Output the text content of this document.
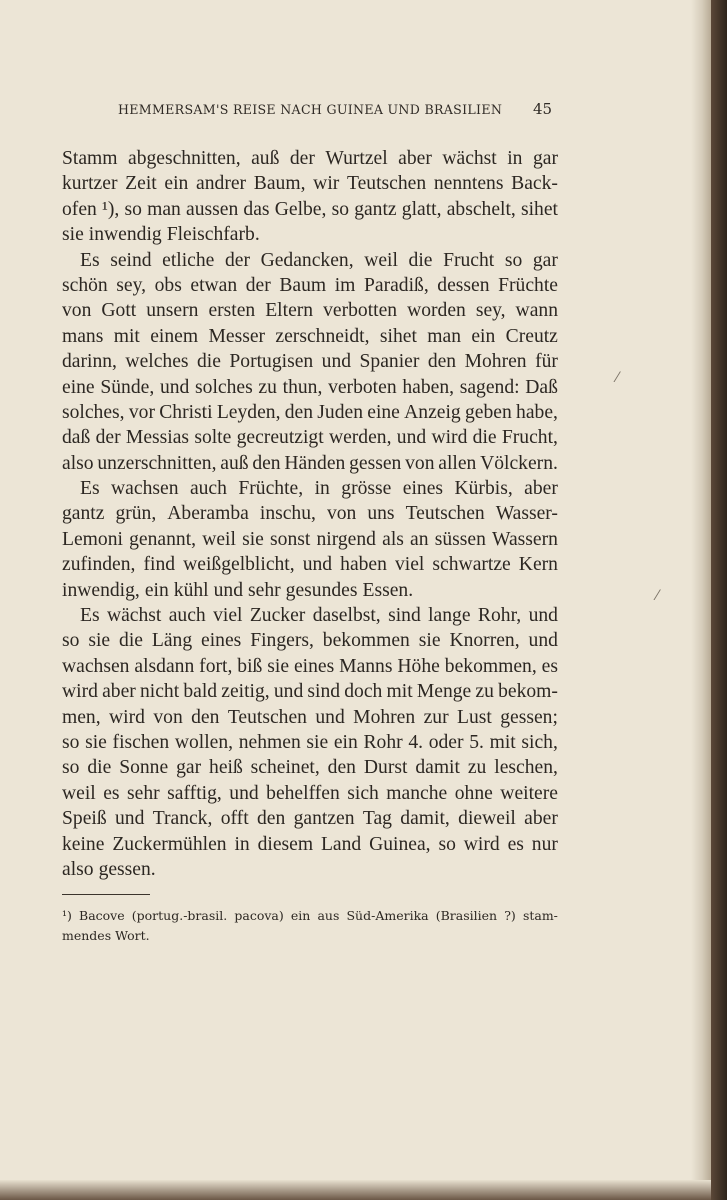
HEMMERSAM'S REISE NACH GUINEA UND BRASILIEN 45
Stamm abgeschnitten, auß der Wurtzel aber wächst in gar
kurtzer Zeit ein andrer Baum, wir Teutschen nenntens Back-
ofen ¹), so man aussen das Gelbe, so gantz glatt, abschelt, sihet
sie inwendig Fleischfarb.
Es seind etliche der Gedancken, weil die Frucht so gar
schön sey, obs etwan der Baum im Paradiß, dessen Früchte
von Gott unsern ersten Eltern verbotten worden sey, wann
mans mit einem Messer zerschneidt, sihet man ein Creutz
darinn, welches die Portugisen und Spanier den Mohren für
eine Sünde, und solches zu thun, verboten haben, sagend: Daß
solches, vor Christi Leyden, den Juden eine Anzeig geben habe,
daß der Messias solte gecreutzigt werden, und wird die Frucht,
also unzerschnitten, auß den Händen gessen von allen Völckern.
Es wachsen auch Früchte, in grösse eines Kürbis, aber
gantz grün, Aberamba inschu, von uns Teutschen Wasser-
Lemoni genannt, weil sie sonst nirgend als an süssen Wassern
zufinden, find weißgelblicht, und haben viel schwartze Kern
inwendig, ein kühl und sehr gesundes Essen.
Es wächst auch viel Zucker daselbst, sind lange Rohr, und
so sie die Läng eines Fingers, bekommen sie Knorren, und
wachsen alsdann fort, biß sie eines Manns Höhe bekommen, es
wird aber nicht bald zeitig, und sind doch mit Menge zu bekom-
men, wird von den Teutschen und Mohren zur Lust gessen;
so sie fischen wollen, nehmen sie ein Rohr 4. oder 5. mit sich,
so die Sonne gar heiß scheinet, den Durst damit zu leschen,
weil es sehr safftig, und behelffen sich manche ohne weitere
Speiß und Tranck, offt den gantzen Tag damit, dieweil aber
keine Zuckermühlen in diesem Land Guinea, so wird es nur
also gessen.
¹) Bacove (portug.-brasil. pacova) ein aus Süd-Amerika (Brasilien ?) stam-
mendes Wort.
⁄
⁄
